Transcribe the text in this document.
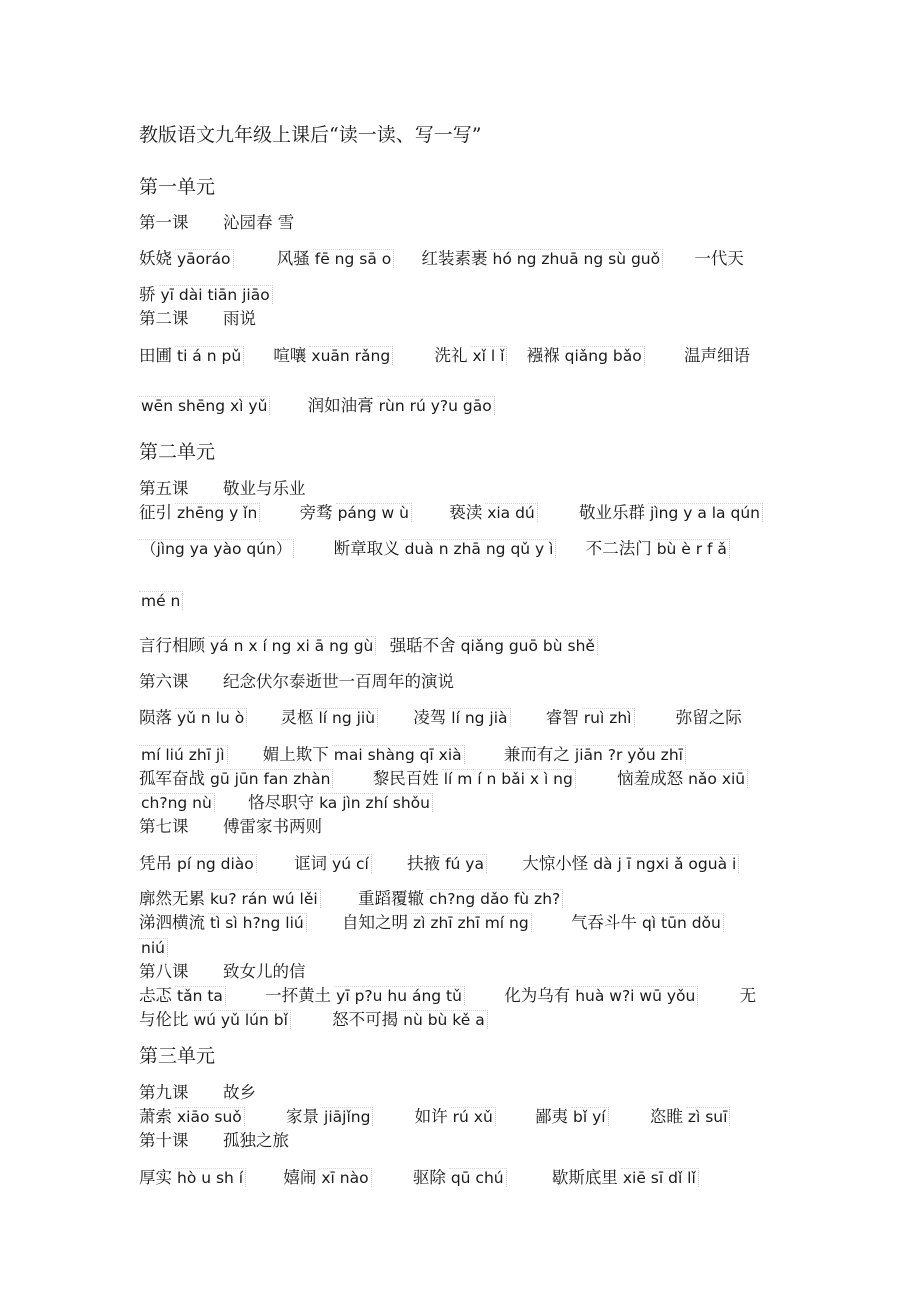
教版语文九年级上课后“读一读、写一写”
第一单元
第一课 沁园春 雪
妖娆 yāoráo	风骚 fē ng sā o 红装素裹 hó ng zhuā ng sù guǒ 一代天
骄 yī dài tiān jiāo
第二课 雨说
田圃 ti á n pǔ 喧嚷 xuān rǎng	洗礼 xǐ l ǐ 襁褓 qiǎng bǎo	温声细语
wēn shēng xì yǔ 润如油膏 rùn rú y?u gāo
第二单元
第五课 敬业与乐业
征引 zhēng y ǐn	旁骛 páng w ù 亵渎 xia dú	敬业乐群 jìng y a la qún
（jìng ya yào qún）	断章取义 duà n zhā ng qǔ y ì 不二法门 bù è r f ǎ
mé n
言行相顾 yá n x í ng xi ā ng gù 强聒不舍 qiǎng guō bù shě
第六课 纪念伏尔泰逝世一百周年的演说
陨落 yǔ n lu ò 灵柩 lí ng jiù 凌驾 lí ng jià 睿智 ruì zhì	弥留之际
mí liú zhī jì 媚上欺下 mai shàng qī xià	兼而有之 jiān ?r yǒu zhī
孤军奋战 gū jūn fan zhàn	黎民百姓 lí m í n bǎi x ì ng	恼羞成怒 nǎo xiū
ch?ng nù 恪尽职守 ka jìn zhí shǒu
第七课 傅雷家书两则
凭吊 pí ng diào 诓词 yú cí 扶掖 fú ya 大惊小怪 dà j ī ngxi ǎ oguà i
廓然无累 ku? rán wú lěi 重蹈覆辙 ch?ng dǎo fù zh?
涕泗横流 tì sì h?ng liú 自知之明 zì zhī zhī mí ng	气吞斗牛 qì tūn dǒu
niú
第八课 致女儿的信
忐忑 tǎn ta	一抔黄土 yī p?u hu áng tǔ	化为乌有 huà w?i wū yǒu	无
与伦比 wú yǔ lún bǐ	怒不可揭 nù bù kě a
第三单元
第九课 故乡
萧索 xiāo suǒ	家景 jiājǐng	如许 rú xǔ	鄙夷 bǐ yí	恣睢 zì suī
第十课 孤独之旅
厚实 hò u sh í 嬉闹 xī nào	驱除 qū chú	歇斯底里 xiē sī dǐ lǐ
